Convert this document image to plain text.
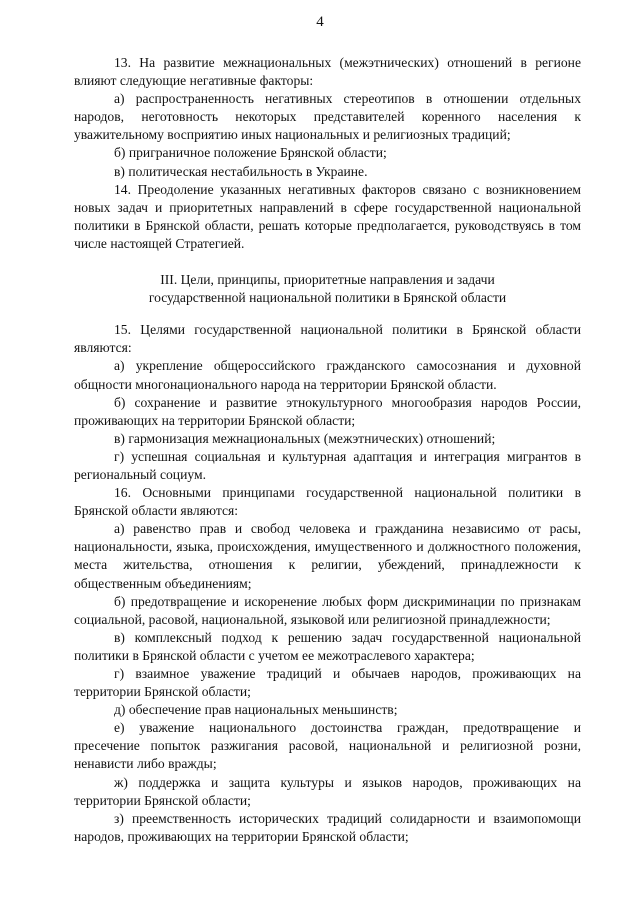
4

13. На развитие межнациональных (межэтнических) отношений в регионе влияют следующие негативные факторы:

а) распространенность негативных стереотипов в отношении отдельных народов, неготовность некоторых представителей коренного населения к уважительному восприятию иных национальных и религиозных традиций;

б) приграничное положение Брянской области;

в) политическая нестабильность в Украине.

14. Преодоление указанных негативных факторов связано с возникновением новых задач и приоритетных направлений в сфере государственной национальной политики в Брянской области, решать которые предполагается, руководствуясь в том числе настоящей Стратегией.

III. Цели, принципы, приоритетные направления и задачи
государственной национальной политики в Брянской области

15. Целями государственной национальной политики в Брянской области являются:

а) укрепление общероссийского гражданского самосознания и духовной общности многонационального народа на территории Брянской области.

б) сохранение и развитие этнокультурного многообразия народов России, проживающих на территории Брянской области;

в) гармонизация межнациональных (межэтнических) отношений;

г) успешная социальная и культурная адаптация и интеграция мигрантов в региональный социум.

16. Основными принципами государственной национальной политики в Брянской области являются:

а) равенство прав и свобод человека и гражданина независимо от расы, национальности, языка, происхождения, имущественного и должностного положения, места жительства, отношения к религии, убеждений, принадлежности к общественным объединениям;

б) предотвращение и искоренение любых форм дискриминации по признакам социальной, расовой, национальной, языковой или религиозной принадлежности;

в) комплексный подход к решению задач государственной национальной политики в Брянской области с учетом ее межотраслевого характера;

г) взаимное уважение традиций и обычаев народов, проживающих на территории Брянской области;

д) обеспечение прав национальных меньшинств;

е) уважение национального достоинства граждан, предотвращение и пресечение попыток разжигания расовой, национальной и религиозной розни, ненависти либо вражды;

ж) поддержка и защита культуры и языков народов, проживающих на территории Брянской области;

з) преемственность исторических традиций солидарности и взаимопомощи народов, проживающих на территории Брянской области;
